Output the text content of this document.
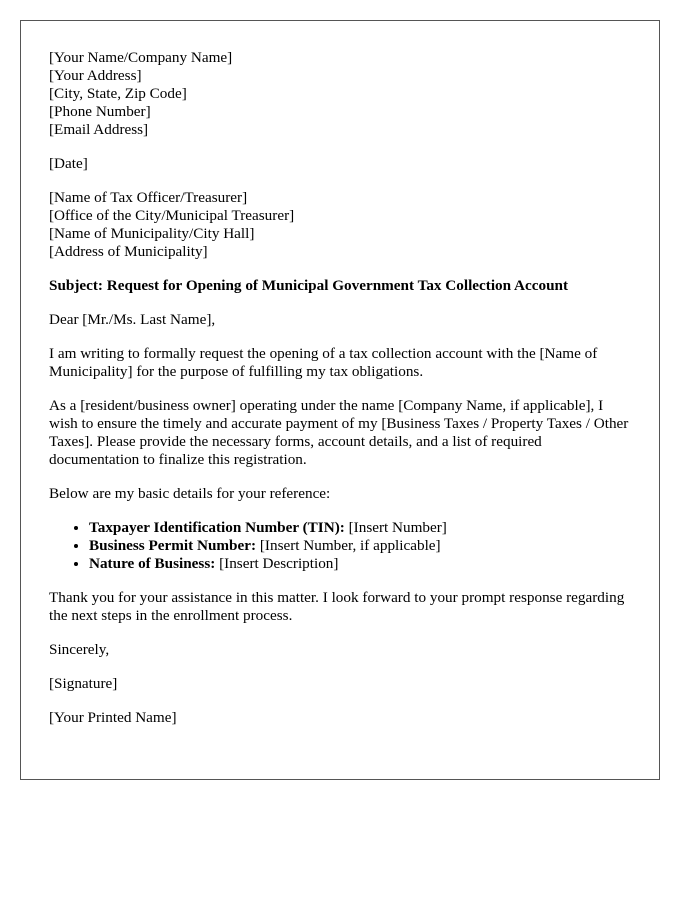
[Your Name/Company Name]
[Your Address]
[City, State, Zip Code]
[Phone Number]
[Email Address]
[Date]
[Name of Tax Officer/Treasurer]
[Office of the City/Municipal Treasurer]
[Name of Municipality/City Hall]
[Address of Municipality]

Subject: Request for Opening of Municipal Government Tax Collection Account

Dear [Mr./Ms. Last Name],

I am writing to formally request the opening of a tax collection account with the [Name of Municipality] for the purpose of fulfilling my tax obligations.

As a [resident/business owner] operating under the name [Company Name, if applicable], I wish to ensure the timely and accurate payment of my [Business Taxes / Property Taxes / Other Taxes]. Please provide the necessary forms, account details, and a list of required documentation to finalize this registration.

Below are my basic details for your reference:

• Taxpayer Identification Number (TIN): [Insert Number]
• Business Permit Number: [Insert Number, if applicable]
• Nature of Business: [Insert Description]

Thank you for your assistance in this matter. I look forward to your prompt response regarding the next steps in the enrollment process.

Sincerely,

[Signature]

[Your Printed Name]
